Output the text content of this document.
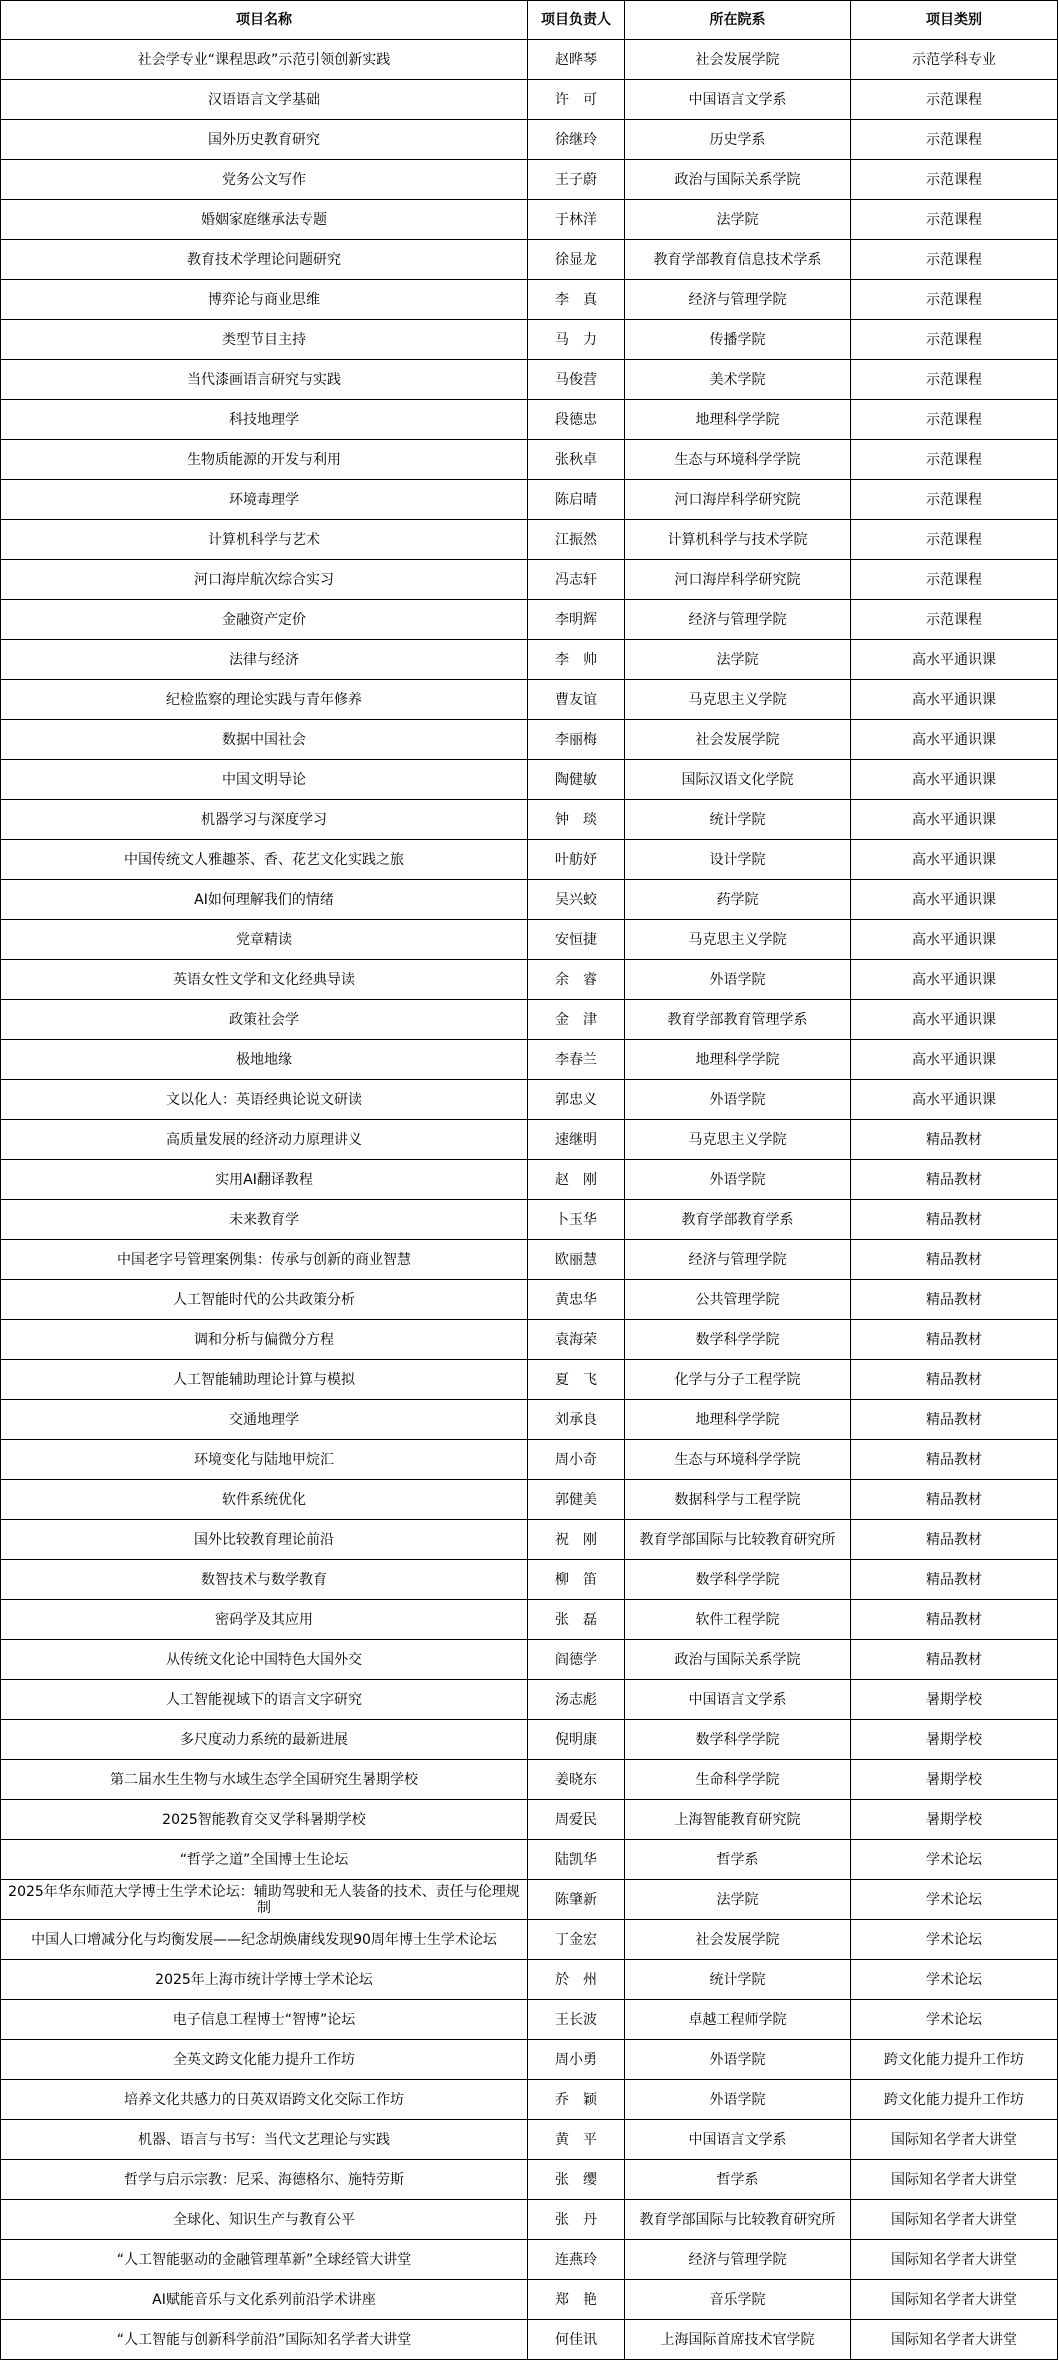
项目名称	项目负责人	所在院系	项目类别
社会学专业“课程思政”示范引领创新实践	赵晔琴	社会发展学院	示范学科专业
汉语语言文学基础	许　可	中国语言文学系	示范课程
国外历史教育研究	徐继玲	历史学系	示范课程
党务公文写作	王子蔚	政治与国际关系学院	示范课程
婚姻家庭继承法专题	于林洋	法学院	示范课程
教育技术学理论问题研究	徐显龙	教育学部教育信息技术学系	示范课程
博弈论与商业思维	李　真	经济与管理学院	示范课程
类型节目主持	马　力	传播学院	示范课程
当代漆画语言研究与实践	马俊营	美术学院	示范课程
科技地理学	段德忠	地理科学学院	示范课程
生物质能源的开发与利用	张秋卓	生态与环境科学学院	示范课程
环境毒理学	陈启晴	河口海岸科学研究院	示范课程
计算机科学与艺术	江振然	计算机科学与技术学院	示范课程
河口海岸航次综合实习	冯志轩	河口海岸科学研究院	示范课程
金融资产定价	李明辉	经济与管理学院	示范课程
法律与经济	李　帅	法学院	高水平通识课
纪检监察的理论实践与青年修养	曹友谊	马克思主义学院	高水平通识课
数据中国社会	李丽梅	社会发展学院	高水平通识课
中国文明导论	陶健敏	国际汉语文化学院	高水平通识课
机器学习与深度学习	钟　琰	统计学院	高水平通识课
中国传统文人雅趣茶、香、花艺文化实践之旅	叶舫妤	设计学院	高水平通识课
AI如何理解我们的情绪	吴兴蛟	药学院	高水平通识课
党章精读	安恒捷	马克思主义学院	高水平通识课
英语女性文学和文化经典导读	余　睿	外语学院	高水平通识课
政策社会学	金　津	教育学部教育管理学系	高水平通识课
极地地缘	李春兰	地理科学学院	高水平通识课
文以化人：英语经典论说文研读	郭忠义	外语学院	高水平通识课
高质量发展的经济动力原理讲义	速继明	马克思主义学院	精品教材
实用AI翻译教程	赵　刚	外语学院	精品教材
未来教育学	卜玉华	教育学部教育学系	精品教材
中国老字号管理案例集：传承与创新的商业智慧	欧丽慧	经济与管理学院	精品教材
人工智能时代的公共政策分析	黄忠华	公共管理学院	精品教材
调和分析与偏微分方程	袁海荣	数学科学学院	精品教材
人工智能辅助理论计算与模拟	夏　飞	化学与分子工程学院	精品教材
交通地理学	刘承良	地理科学学院	精品教材
环境变化与陆地甲烷汇	周小奇	生态与环境科学学院	精品教材
软件系统优化	郭健美	数据科学与工程学院	精品教材
国外比较教育理论前沿	祝　刚	教育学部国际与比较教育研究所	精品教材
数智技术与数学教育	柳　笛	数学科学学院	精品教材
密码学及其应用	张　磊	软件工程学院	精品教材
从传统文化论中国特色大国外交	阎德学	政治与国际关系学院	精品教材
人工智能视域下的语言文字研究	汤志彪	中国语言文学系	暑期学校
多尺度动力系统的最新进展	倪明康	数学科学学院	暑期学校
第二届水生生物与水域生态学全国研究生暑期学校	姜晓东	生命科学学院	暑期学校
2025智能教育交叉学科暑期学校	周爱民	上海智能教育研究院	暑期学校
“哲学之道”全国博士生论坛	陆凯华	哲学系	学术论坛
2025年华东师范大学博士生学术论坛：辅助驾驶和无人装备的技术、责任与伦理规制	陈肇新	法学院	学术论坛
中国人口增减分化与均衡发展——纪念胡焕庸线发现90周年博士生学术论坛	丁金宏	社会发展学院	学术论坛
2025年上海市统计学博士学术论坛	於　州	统计学院	学术论坛
电子信息工程博士“智博”论坛	王长波	卓越工程师学院	学术论坛
全英文跨文化能力提升工作坊	周小勇	外语学院	跨文化能力提升工作坊
培养文化共感力的日英双语跨文化交际工作坊	乔　颖	外语学院	跨文化能力提升工作坊
机器、语言与书写：当代文艺理论与实践	黄　平	中国语言文学系	国际知名学者大讲堂
哲学与启示宗教：尼采、海德格尔、施特劳斯	张　缨	哲学系	国际知名学者大讲堂
全球化、知识生产与教育公平	张　丹	教育学部国际与比较教育研究所	国际知名学者大讲堂
“人工智能驱动的金融管理革新”全球经管大讲堂	连燕玲	经济与管理学院	国际知名学者大讲堂
AI赋能音乐与文化系列前沿学术讲座	郑　艳	音乐学院	国际知名学者大讲堂
“人工智能与创新科学前沿”国际知名学者大讲堂	何佳讯	上海国际首席技术官学院	国际知名学者大讲堂
